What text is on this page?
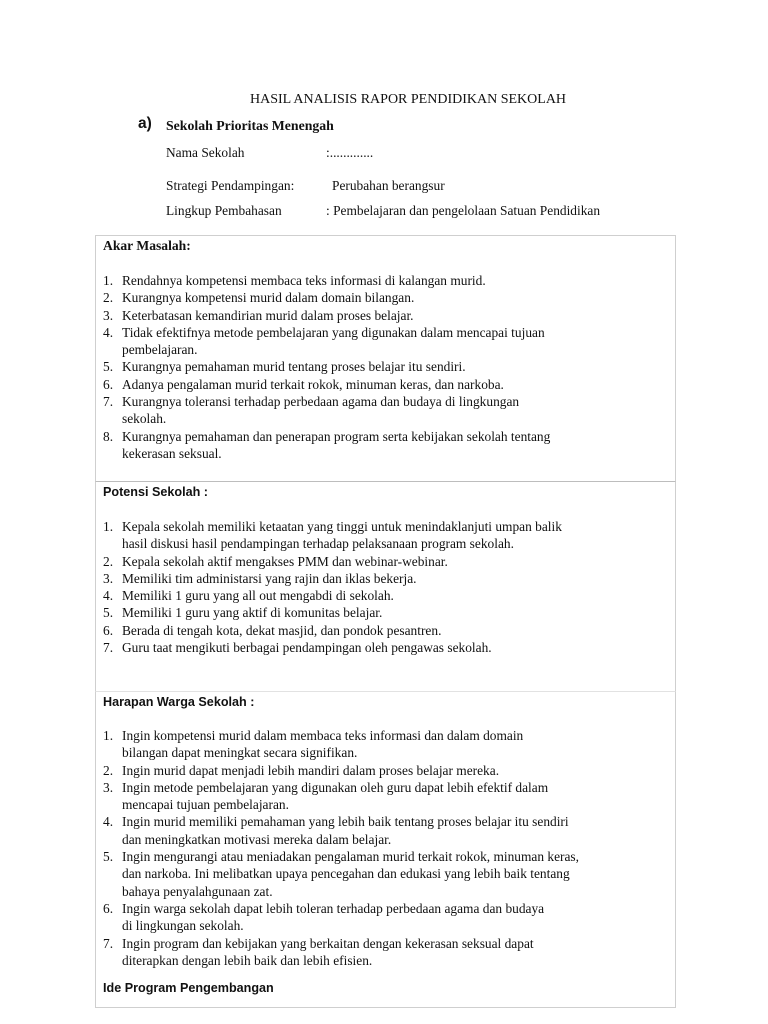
HASIL ANALISIS RAPOR PENDIDIKAN SEKOLAH
a) Sekolah Prioritas Menengah
Nama Sekolah	:.............
Strategi Pendampingan:	Perubahan berangsur
Lingkup Pembahasan	: Pembelajaran dan pengelolaan Satuan Pendidikan
Akar Masalah:
1. Rendahnya kompetensi membaca teks informasi di kalangan murid.
2. Kurangnya kompetensi murid dalam domain bilangan.
3. Keterbatasan kemandirian murid dalam proses belajar.
4. Tidak efektifnya metode pembelajaran yang digunakan dalam mencapai tujuan
pembelajaran.
5. Kurangnya pemahaman murid tentang proses belajar itu sendiri.
6. Adanya pengalaman murid terkait rokok, minuman keras, dan narkoba.
7. Kurangnya toleransi terhadap perbedaan agama dan budaya di lingkungan
sekolah.
8. Kurangnya pemahaman dan penerapan program serta kebijakan sekolah tentang
kekerasan seksual.
Potensi Sekolah :
1. Kepala sekolah memiliki ketaatan yang tinggi untuk menindaklanjuti umpan balik
hasil diskusi hasil pendampingan terhadap pelaksanaan program sekolah.
2. Kepala sekolah aktif mengakses PMM dan webinar-webinar.
3. Memiliki tim administarsi yang rajin dan iklas bekerja.
4. Memiliki 1 guru yang all out mengabdi di sekolah.
5. Memiliki 1 guru yang aktif di komunitas belajar.
6. Berada di tengah kota, dekat masjid, dan pondok pesantren.
7. Guru taat mengikuti berbagai pendampingan oleh pengawas sekolah.
Harapan Warga Sekolah :
1. Ingin kompetensi murid dalam membaca teks informasi dan dalam domain
bilangan dapat meningkat secara signifikan.
2. Ingin murid dapat menjadi lebih mandiri dalam proses belajar mereka.
3. Ingin metode pembelajaran yang digunakan oleh guru dapat lebih efektif dalam
mencapai tujuan pembelajaran.
4. Ingin murid memiliki pemahaman yang lebih baik tentang proses belajar itu sendiri
dan meningkatkan motivasi mereka dalam belajar.
5. Ingin mengurangi atau meniadakan pengalaman murid terkait rokok, minuman keras,
dan narkoba. Ini melibatkan upaya pencegahan dan edukasi yang lebih baik tentang
bahaya penyalahgunaan zat.
6. Ingin warga sekolah dapat lebih toleran terhadap perbedaan agama dan budaya
di lingkungan sekolah.
7. Ingin program dan kebijakan yang berkaitan dengan kekerasan seksual dapat
diterapkan dengan lebih baik dan lebih efisien.
Ide Program Pengembangan
